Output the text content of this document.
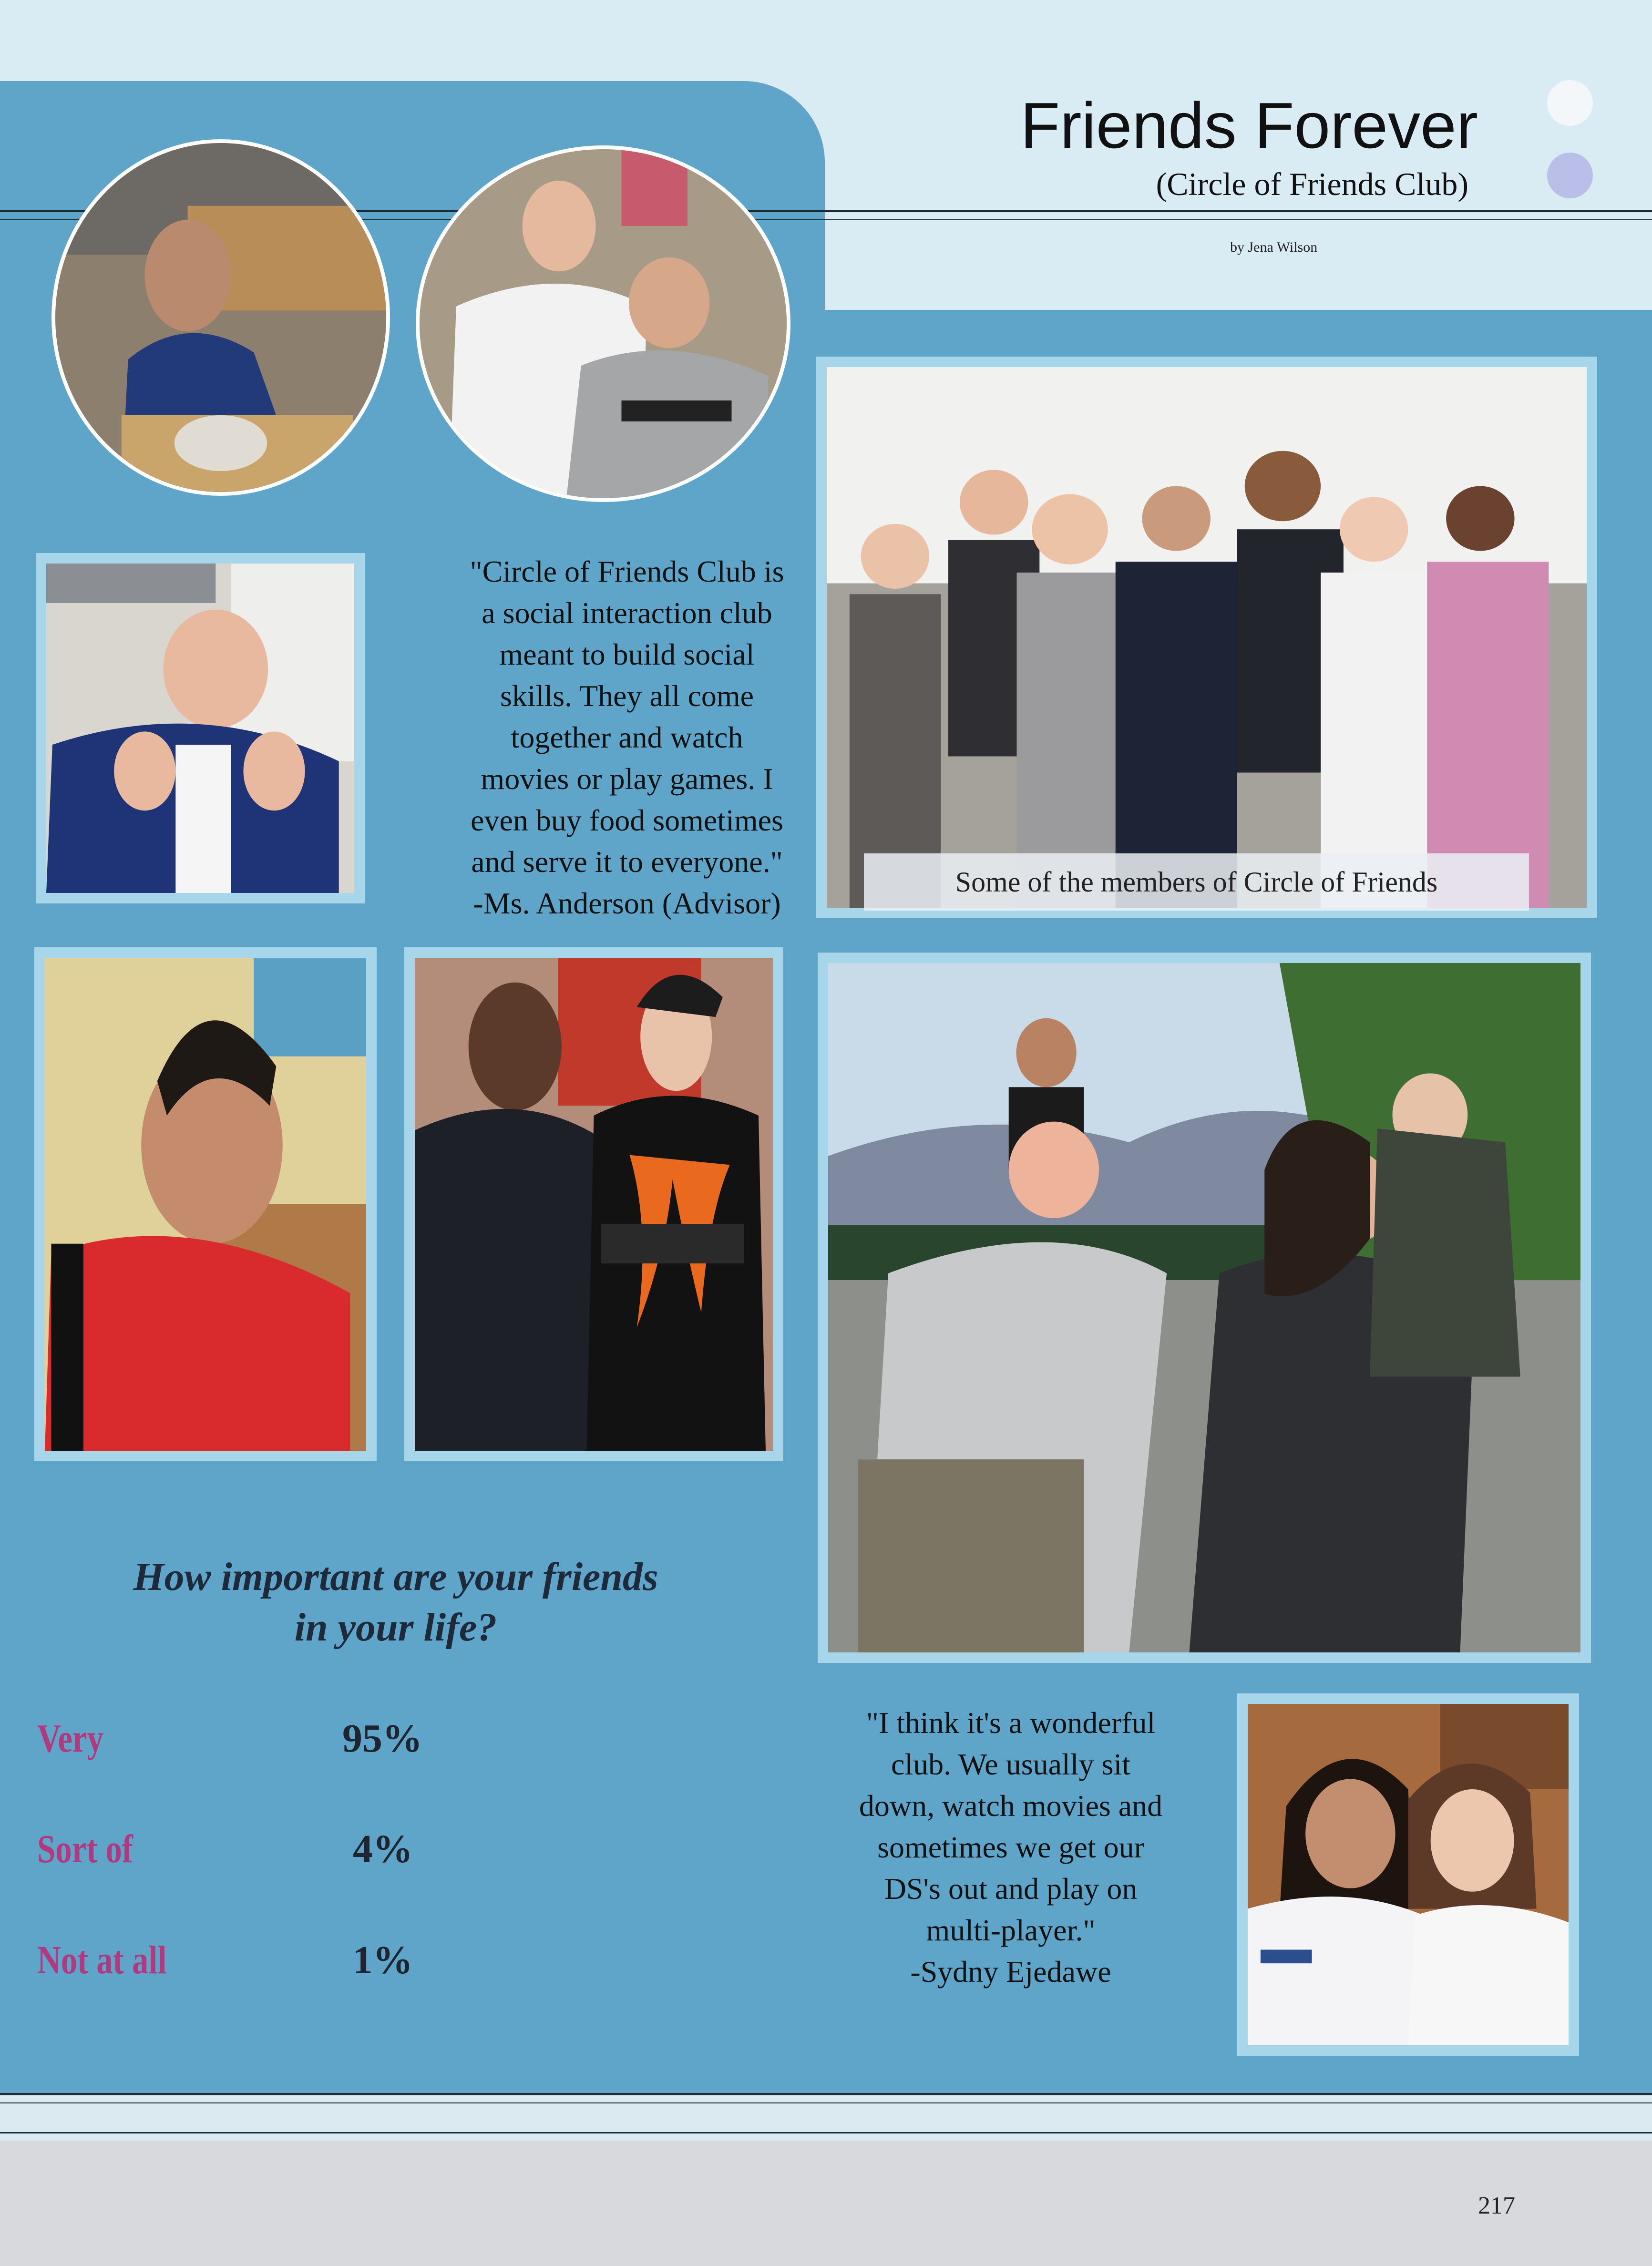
Friends Forever
(Circle of Friends Club)
by Jena Wilson
"Circle of Friends Club is
a social interaction club
meant to build social
skills. They all come
together and watch
movies or play games. I
even buy food sometimes
and serve it to everyone."
-Ms. Anderson (Advisor)
Some of the members of Circle of Friends
How important are your friends
in your life?
Very	95%
Sort of	4%
Not at all	1%
"I think it's a wonderful
club. We usually sit
down, watch movies and
sometimes we get our
DS's out and play on
multi-player."
-Sydny Ejedawe
217
